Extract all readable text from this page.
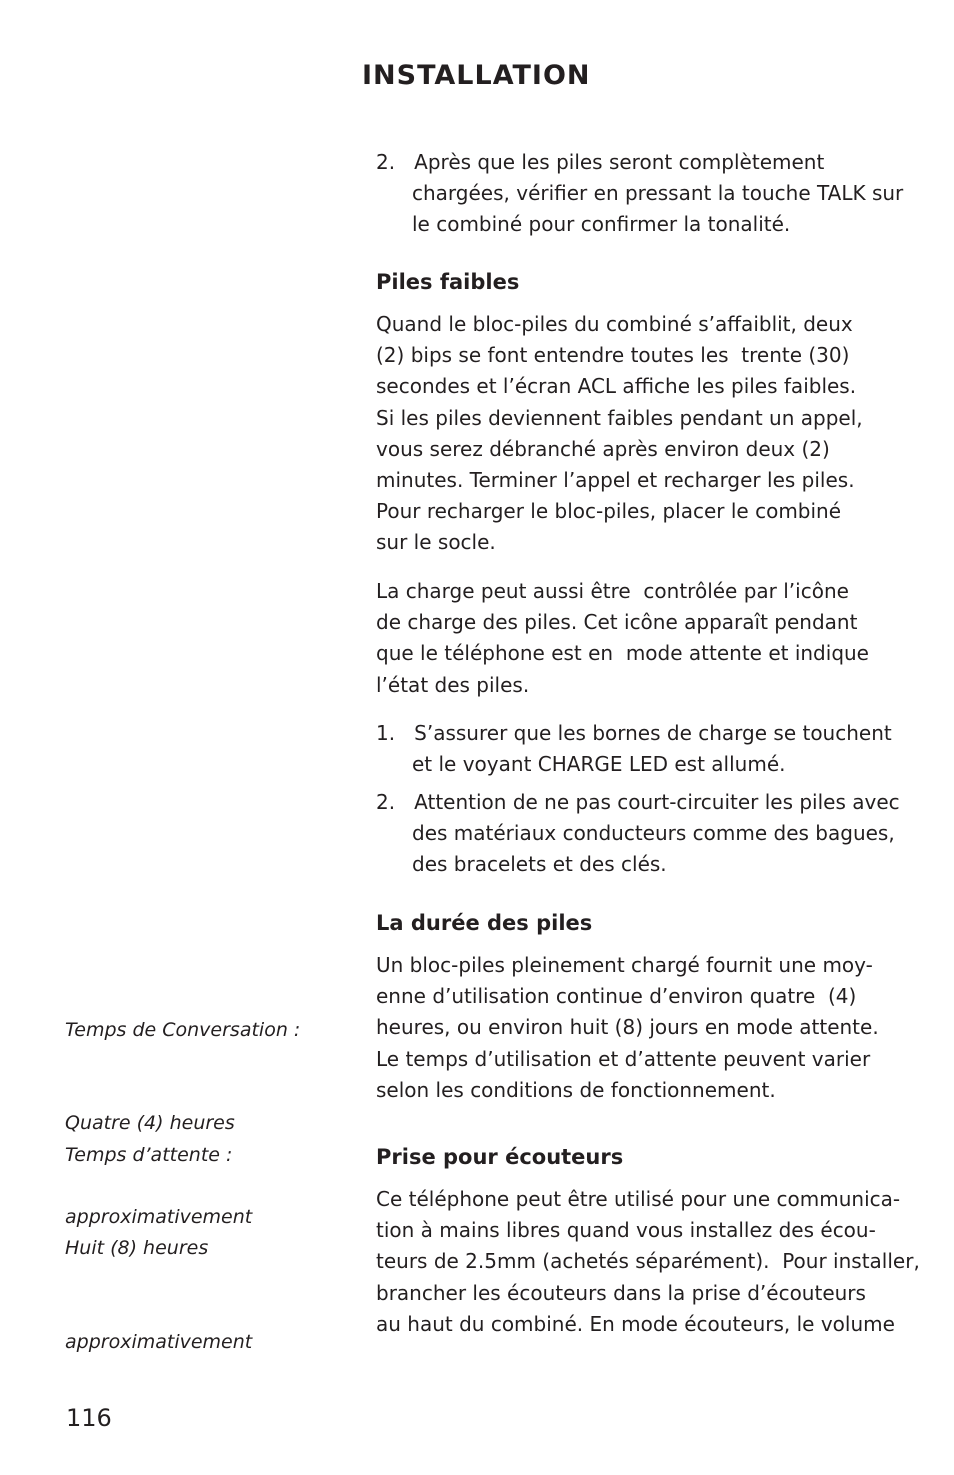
INSTALLATION
2.   Après que les piles seront complètement
chargées, vérifier en pressant la touche TALK sur
le combiné pour confirmer la tonalité.
Piles faibles
Quand le bloc-piles du combiné s’affaiblit, deux
(2) bips se font entendre toutes les  trente (30)
secondes et l’écran ACL affiche les piles faibles.
Si les piles deviennent faibles pendant un appel,
vous serez débranché après environ deux (2)
minutes. Terminer l’appel et recharger les piles.
Pour recharger le bloc-piles, placer le combiné
sur le socle.
La charge peut aussi être  contrôlée par l’icône
de charge des piles. Cet icône apparaît pendant
que le téléphone est en  mode attente et indique
l’état des piles.
1.   S’assurer que les bornes de charge se touchent
et le voyant CHARGE LED est allumé.
2.   Attention de ne pas court-circuiter les piles avec
des matériaux conducteurs comme des bagues,
des bracelets et des clés.
La durée des piles
Un bloc-piles pleinement chargé fournit une moy-
enne d’utilisation continue d’environ quatre  (4)
heures, ou environ huit (8) jours en mode attente.
Le temps d’utilisation et d’attente peuvent varier
selon les conditions de fonctionnement.
Prise pour écouteurs
Ce téléphone peut être utilisé pour une communica-
tion à mains libres quand vous installez des écou-
teurs de 2.5mm (achetés séparément).  Pour installer,
brancher les écouteurs dans la prise d’écouteurs
au haut du combiné. En mode écouteurs, le volume

Temps de Conversation :

Quatre (4) heures

approximativement

Temps d’attente :

Huit (8) heures

approximativement

116
